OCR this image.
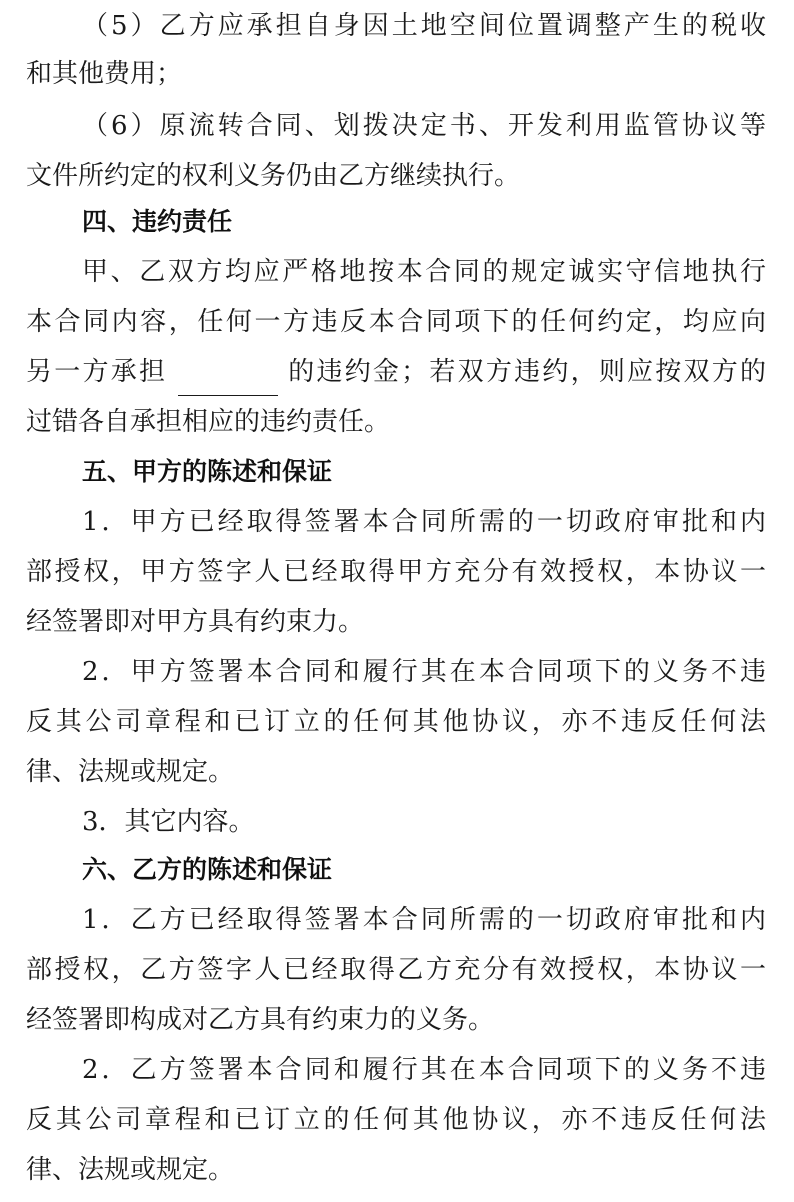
（5）乙方应承担自身因土地空间位置调整产生的税收
和其他费用；
（6）原流转合同、划拨决定书、开发利用监管协议等
文件所约定的权利义务仍由乙方继续执行。
四、违约责任
甲、乙双方均应严格地按本合同的规定诚实守信地执行
本合同内容，任何一方违反本合同项下的任何约定，均应向
另一方承担	的违约金；若双方违约，则应按双方的
过错各自承担相应的违约责任。
五、甲方的陈述和保证
1．甲方已经取得签署本合同所需的一切政府审批和内
部授权，甲方签字人已经取得甲方充分有效授权，本协议一
经签署即对甲方具有约束力。
2．甲方签署本合同和履行其在本合同项下的义务不违
反其公司章程和已订立的任何其他协议，亦不违反任何法
律、法规或规定。
3．其它内容。
六、乙方的陈述和保证
1．乙方已经取得签署本合同所需的一切政府审批和内
部授权，乙方签字人已经取得乙方充分有效授权，本协议一
经签署即构成对乙方具有约束力的义务。
2．乙方签署本合同和履行其在本合同项下的义务不违
反其公司章程和已订立的任何其他协议，亦不违反任何法
律、法规或规定。
